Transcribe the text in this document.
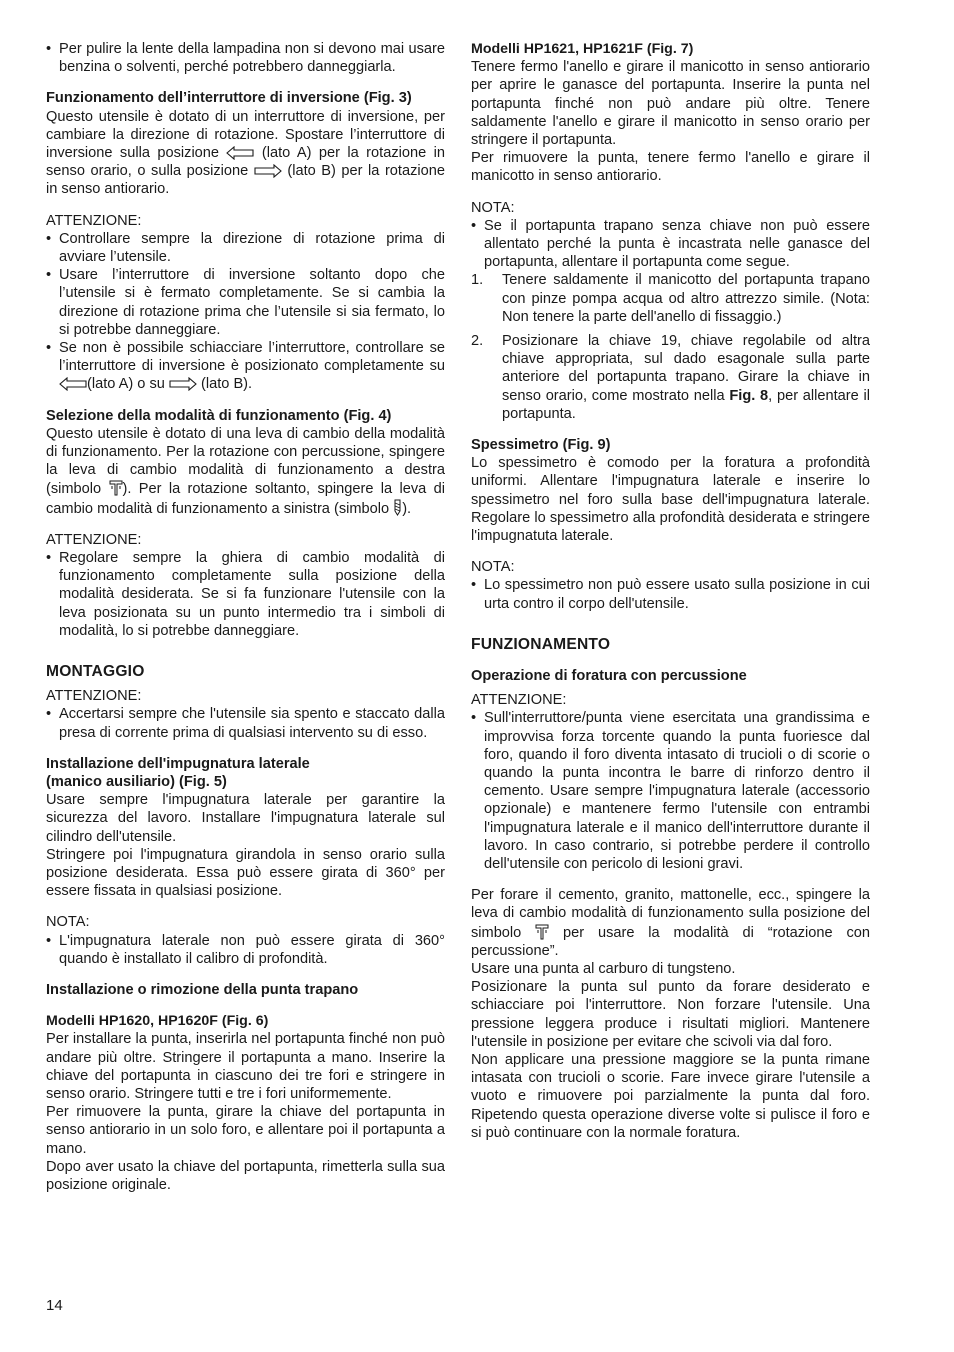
• Per pulire la lente della lampadina non si devono mai usare benzina o solventi, perché potrebbero danneggiarla.
Funzionamento dell’interruttore di inversione (Fig. 3)

Questo utensile è dotato di un interruttore di inversione, per cambiare la direzione di rotazione. Spostare l’interruttore di inversione sulla posizione	(lato A) per la rotazione in senso orario, o sulla posizione	(lato B) per la rotazione in senso antiorario.

ATTENZIONE:

• Controllare sempre la direzione di rotazione prima di avviare l’utensile.
• Usare l’interruttore di inversione soltanto dopo che l’utensile si è fermato completamente. Se si cambia la direzione di rotazione prima che l’utensile si sia fermato, lo si potrebbe danneggiare.
• Se non è possibile schiacciare l’interruttore, controllare se l’interruttore di inversione è posizionato completamente su (lato A) o su (lato B).
Selezione della modalità di funzionamento (Fig. 4)

Questo utensile è dotato di una leva di cambio della modalità di funzionamento. Per la rotazione con percussione, spingere la leva di cambio modalità di funzionamento a destra (simbolo ). Per la rotazione soltanto, spingere la leva di cambio modalità di funzionamento a sinistra (simbolo ).

ATTENZIONE:

• Regolare sempre la ghiera di cambio modalità di funzionamento completamente sulla posizione della modalità desiderata. Se si fa funzionare l'utensile con la leva posizionata su un punto intermedio tra i simboli di modalità, lo si potrebbe danneggiare.
MONTAGGIO

ATTENZIONE:

• Accertarsi sempre che l'utensile sia spento e staccato dalla presa di corrente prima di qualsiasi intervento su di esso.
Installazione dell'impugnatura laterale
(manico ausiliario) (Fig. 5)

Usare sempre l'impugnatura laterale per garantire la sicurezza del lavoro. Installare l'impugnatura laterale sul cilindro dell'utensile.

Stringere poi l'impugnatura girandola in senso orario sulla posizione desiderata. Essa può essere girata di 360° per essere fissata in qualsiasi posizione.

NOTA:

• L'impugnatura laterale non può essere girata di 360° quando è installato il calibro di profondità.
Installazione o rimozione della punta trapano
Modelli HP1620, HP1620F (Fig. 6)

Per installare la punta, inserirla nel portapunta finché non può andare più oltre. Stringere il portapunta a mano. Inserire la chiave del portapunta in ciascuno dei tre fori e stringere in senso orario. Stringere tutti e tre i fori uniformemente.

Per rimuovere la punta, girare la chiave del portapunta in senso antiorario in un solo foro, e allentare poi il portapunta a mano.

Dopo aver usato la chiave del portapunta, rimetterla sulla sua posizione originale.

Modelli HP1621, HP1621F (Fig. 7)

Tenere fermo l'anello e girare il manicotto in senso antiorario per aprire le ganasce del portapunta. Inserire la punta nel portapunta finché non può andare più oltre. Tenere saldamente l'anello e girare il manicotto in senso orario per stringere il portapunta.

Per rimuovere la punta, tenere fermo l'anello e girare il manicotto in senso antiorario.

NOTA:

• Se il portapunta trapano senza chiave non può essere allentato perché la punta è incastrata nelle ganasce del portapunta, allentare il portapunta come segue.
1. Tenere saldamente il manicotto del portapunta trapano con pinze pompa acqua od altro attrezzo simile. (Nota: Non tenere la parte dell'anello di fissaggio.)
2. Posizionare la chiave 19, chiave regolabile od altra chiave appropriata, sul dado esagonale sulla parte anteriore del portapunta trapano. Girare la chiave in senso orario, come mostrato nella Fig. 8, per allentare il portapunta.
Spessimetro (Fig. 9)

Lo spessimetro è comodo per la foratura a profondità uniformi. Allentare l'impugnatura laterale e inserire lo spessimetro nel foro sulla base dell'impugnatura laterale. Regolare lo spessimetro alla profondità desiderata e stringere l'impugnatuta laterale.

NOTA:

• Lo spessimetro non può essere usato sulla posizione in cui urta contro il corpo dell'utensile.
FUNZIONAMENTO
Operazione di foratura con percussione

ATTENZIONE:

• Sull'interruttore/punta viene esercitata una grandissima e improvvisa forza torcente quando la punta fuoriesce dal foro, quando il foro diventa intasato di trucioli o di scorie o quando la punta incontra le barre di rinforzo dentro il cemento. Usare sempre l'impugnatura laterale (accessorio opzionale) e mantenere fermo l'utensile con entrambi l'impugnatura laterale e il manico dell'interruttore durante il lavoro. In caso contrario, si potrebbe perdere il controllo dell'utensile con pericolo di lesioni gravi.

Per forare il cemento, granito, mattonelle, ecc., spingere la leva di cambio modalità di funzionamento sulla posizione del simbolo	per usare la modalità di “rotazione con percussione”.

Usare una punta al carburo di tungsteno.

Posizionare la punta sul punto da forare desiderato e schiacciare poi l'interruttore. Non forzare l'utensile. Una pressione leggera produce i risultati migliori. Mantenere l'utensile in posizione per evitare che scivoli via dal foro.

Non applicare una pressione maggiore se la punta rimane intasata con trucioli o scorie. Fare invece girare l'utensile a vuoto e rimuovere poi parzialmente la punta dal foro. Ripetendo questa operazione diverse volte si pulisce il foro e si può continuare con la normale foratura.

14
